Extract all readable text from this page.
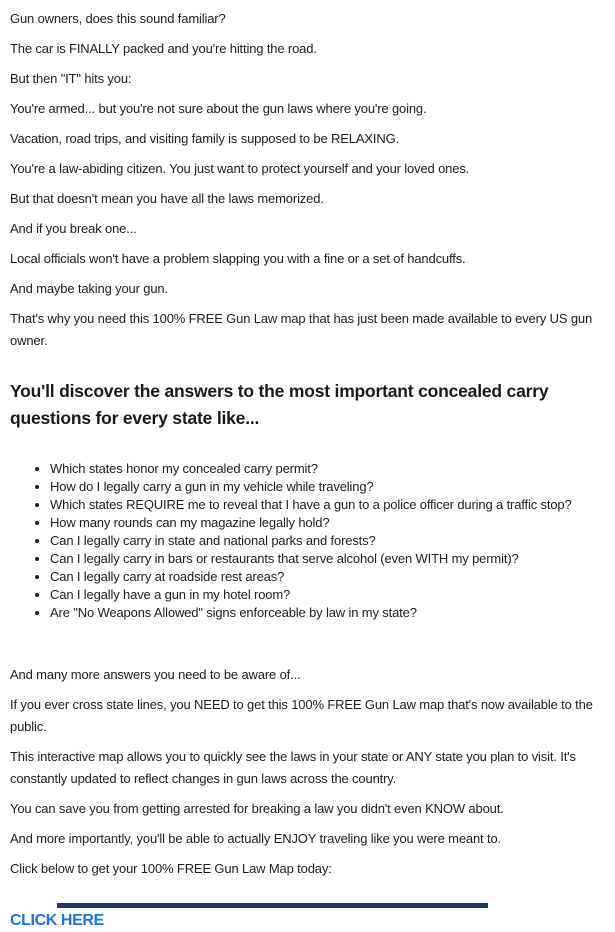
Gun owners, does this sound familiar?

The car is FINALLY packed and you're hitting the road.

But then "IT" hits you:

You're armed... but you're not sure about the gun laws where you're going.

Vacation, road trips, and visiting family is supposed to be RELAXING.

You're a law-abiding citizen. You just want to protect yourself and your loved ones.

But that doesn't mean you have all the laws memorized.

And if you break one...

Local officials won't have a problem slapping you with a fine or a set of handcuffs.

And maybe taking your gun.

That's why you need this 100% FREE Gun Law map that has just been made available to every US gun owner.

You'll discover the answers to the most important concealed carry questions for every state like...
• Which states honor my concealed carry permit?
• How do I legally carry a gun in my vehicle while traveling?
• Which states REQUIRE me to reveal that I have a gun to a police officer during a traffic stop?
• How many rounds can my magazine legally hold?
• Can I legally carry in state and national parks and forests?
• Can I legally carry in bars or restaurants that serve alcohol (even WITH my permit)?
• Can I legally carry at roadside rest areas?
• Can I legally have a gun in my hotel room?
• Are "No Weapons Allowed" signs enforceable by law in my state?

And many more answers you need to be aware of...

If you ever cross state lines, you NEED to get this 100% FREE Gun Law map that's now available to the public.

This interactive map allows you to quickly see the laws in your state or ANY state you plan to visit. It's constantly updated to reflect changes in gun laws across the country.

You can save you from getting arrested for breaking a law you didn't even KNOW about.

And more importantly, you'll be able to actually ENJOY traveling like you were meant to.

Click below to get your 100% FREE Gun Law Map today:

CLICK HERE
